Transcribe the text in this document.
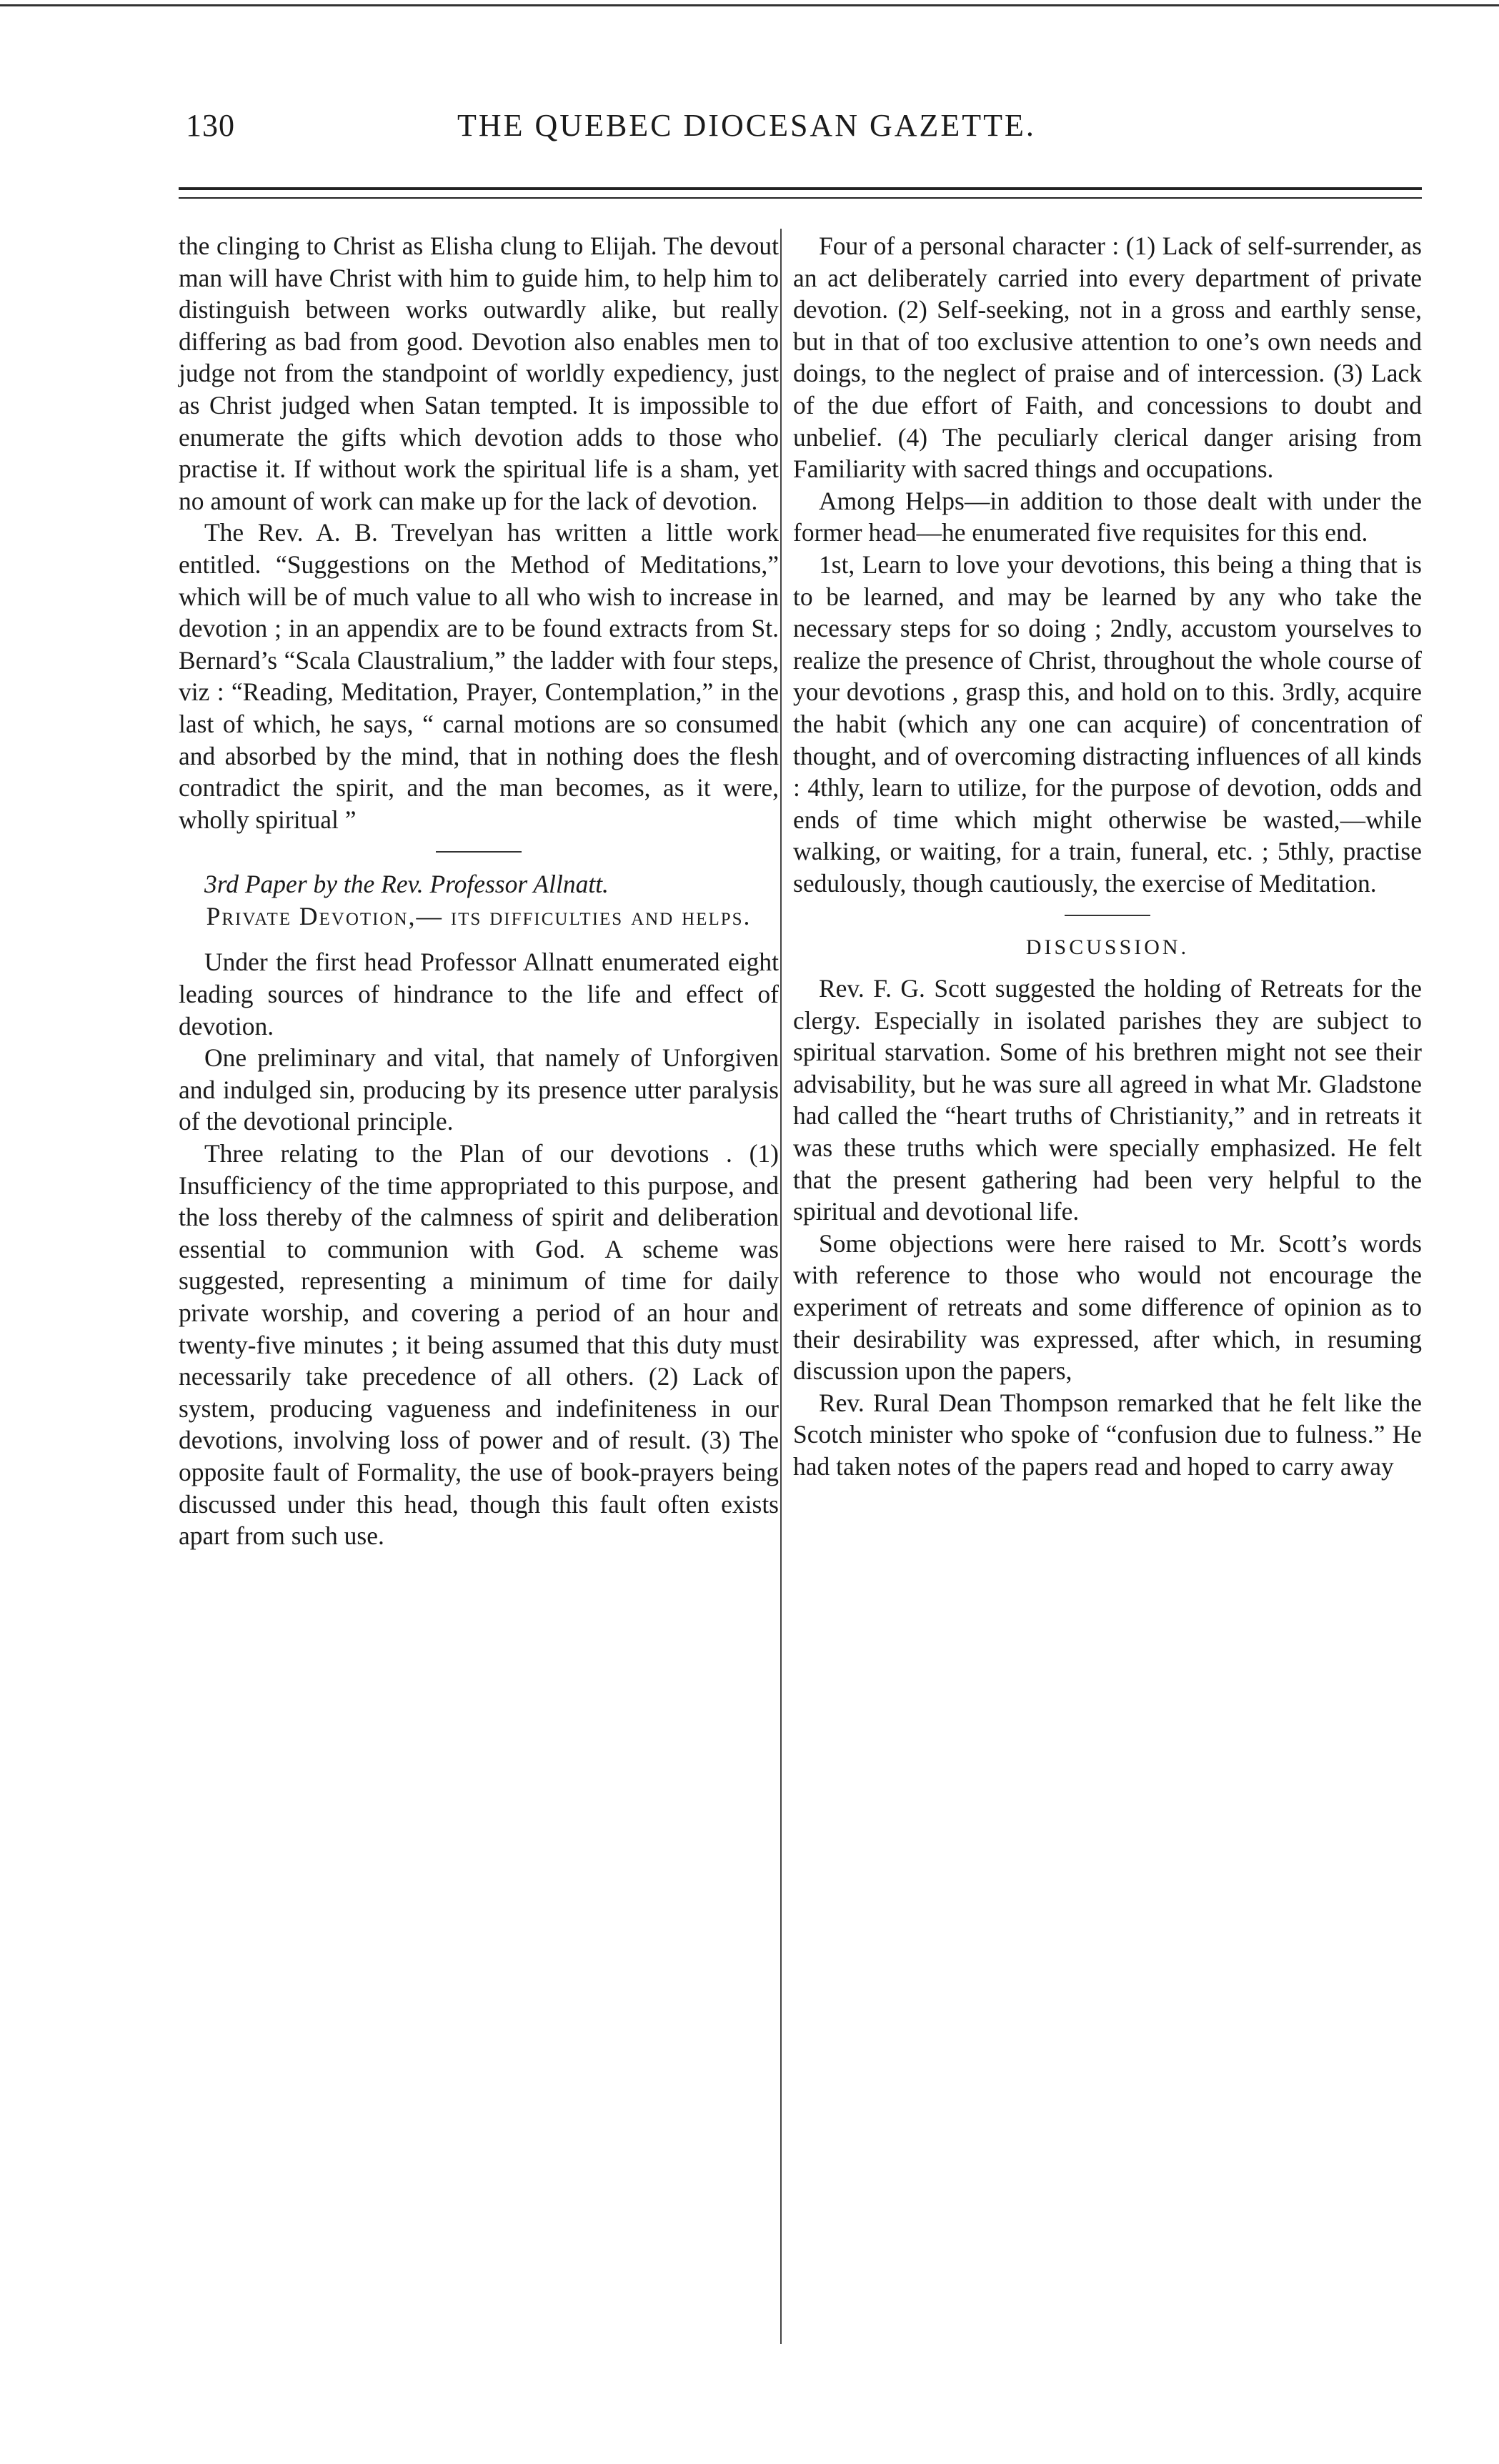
130	THE QUEBEC DIOCESAN GAZETTE.

the clinging to Christ as Elisha clung to Elijah. The devout man will have Christ with him to guide him, to help him to distinguish between works outwardly alike, but really differing as bad from good. Devotion also enables men to judge not from the standpoint of worldly expediency, just as Christ judged when Satan tempted. It is impossible to enumerate the gifts which devotion adds to those who practise it. If without work the spiritual life is a sham, yet no amount of work can make up for the lack of devotion.

The Rev. A. B. Trevelyan has written a little work entitled. “Suggestions on the Method of Meditations,” which will be of much value to all who wish to increase in devotion ; in an appendix are to be found extracts from St. Bernard’s “Scala Claustralium,” the ladder with four steps, viz : “Reading, Meditation, Prayer, Contemplation,” in the last of which, he says, “ carnal motions are so consumed and absorbed by the mind, that in nothing does the flesh contradict the spirit, and the man becomes, as it were, wholly spiritual ”

3rd Paper by the Rev. Professor Allnatt.

Private Devotion,— its difficulties and helps.

Under the first head Professor Allnatt enumerated eight leading sources of hindrance to the life and effect of devotion.

One preliminary and vital, that namely of Unforgiven and indulged sin, producing by its presence utter paralysis of the devotional principle.

Three relating to the Plan of our devotions . (1) Insufficiency of the time appropriated to this purpose, and the loss thereby of the calmness of spirit and deliberation essential to communion with God. A scheme was suggested, representing a minimum of time for daily private worship, and covering a period of an hour and twenty-five minutes ; it being assumed that this duty must necessarily take precedence of all others. (2) Lack of system, producing vagueness and indefiniteness in our devotions, involving loss of power and of result. (3) The opposite fault of Formality, the use of book-prayers being discussed under this head, though this fault often exists apart from such use.

Four of a personal character : (1) Lack of self-surrender, as an act deliberately carried into every department of private devotion. (2) Self-seeking, not in a gross and earthly sense, but in that of too exclusive attention to one’s own needs and doings, to the neglect of praise and of intercession. (3) Lack of the due effort of Faith, and concessions to doubt and unbelief. (4) The peculiarly clerical danger arising from Familiarity with sacred things and occupations.

Among Helps—in addition to those dealt with under the former head—he enumerated five requisites for this end.

1st, Learn to love your devotions, this being a thing that is to be learned, and may be learned by any who take the necessary steps for so doing ; 2ndly, accustom yourselves to realize the presence of Christ, throughout the whole course of your devotions , grasp this, and hold on to this. 3rdly, acquire the habit (which any one can acquire) of concentration of thought, and of overcoming distracting influences of all kinds : 4thly, learn to utilize, for the purpose of devotion, odds and ends of time which might otherwise be wasted,—while walking, or waiting, for a train, funeral, etc. ; 5thly, practise sedulously, though cautiously, the exercise of Meditation.

DISCUSSION.

Rev. F. G. Scott suggested the holding of Retreats for the clergy. Especially in isolated parishes they are subject to spiritual starvation. Some of his brethren might not see their advisability, but he was sure all agreed in what Mr. Gladstone had called the “heart truths of Christianity,” and in retreats it was these truths which were specially emphasized. He felt that the present gathering had been very helpful to the spiritual and devotional life.

Some objections were here raised to Mr. Scott’s words with reference to those who would not encourage the experiment of retreats and some difference of opinion as to their desirability was expressed, after which, in resuming discussion upon the papers,

Rev. Rural Dean Thompson remarked that he felt like the Scotch minister who spoke of “confusion due to fulness.” He had taken notes of the papers read and hoped to carry away
